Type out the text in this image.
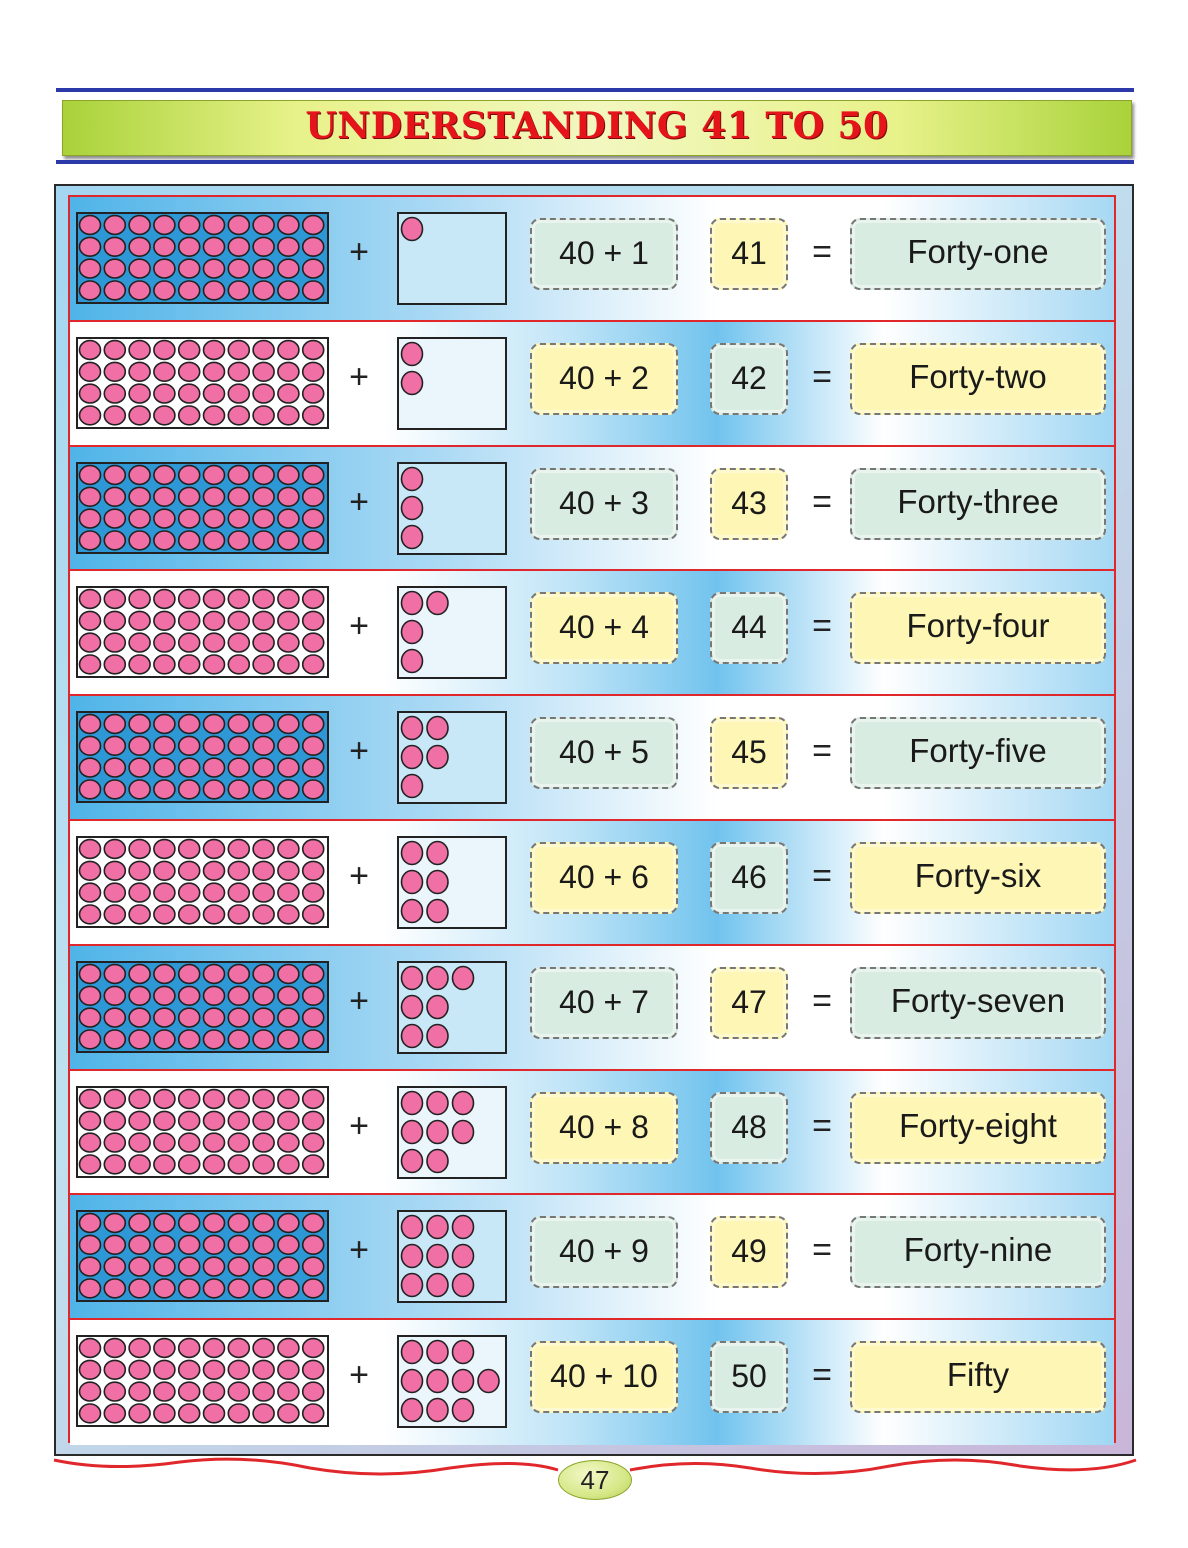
UNDERSTANDING 41 TO 50
+	40 + 1	41	=	Forty-one
+	40 + 2	42	=	Forty-two
+	40 + 3	43	=	Forty-three
+	40 + 4	44	=	Forty-four
+	40 + 5	45	=	Forty-five
+	40 + 6	46	=	Forty-six
+	40 + 7	47	=	Forty-seven
+	40 + 8	48	=	Forty-eight
+	40 + 9	49	=	Forty-nine
+	40 + 10	50	=	Fifty
47
